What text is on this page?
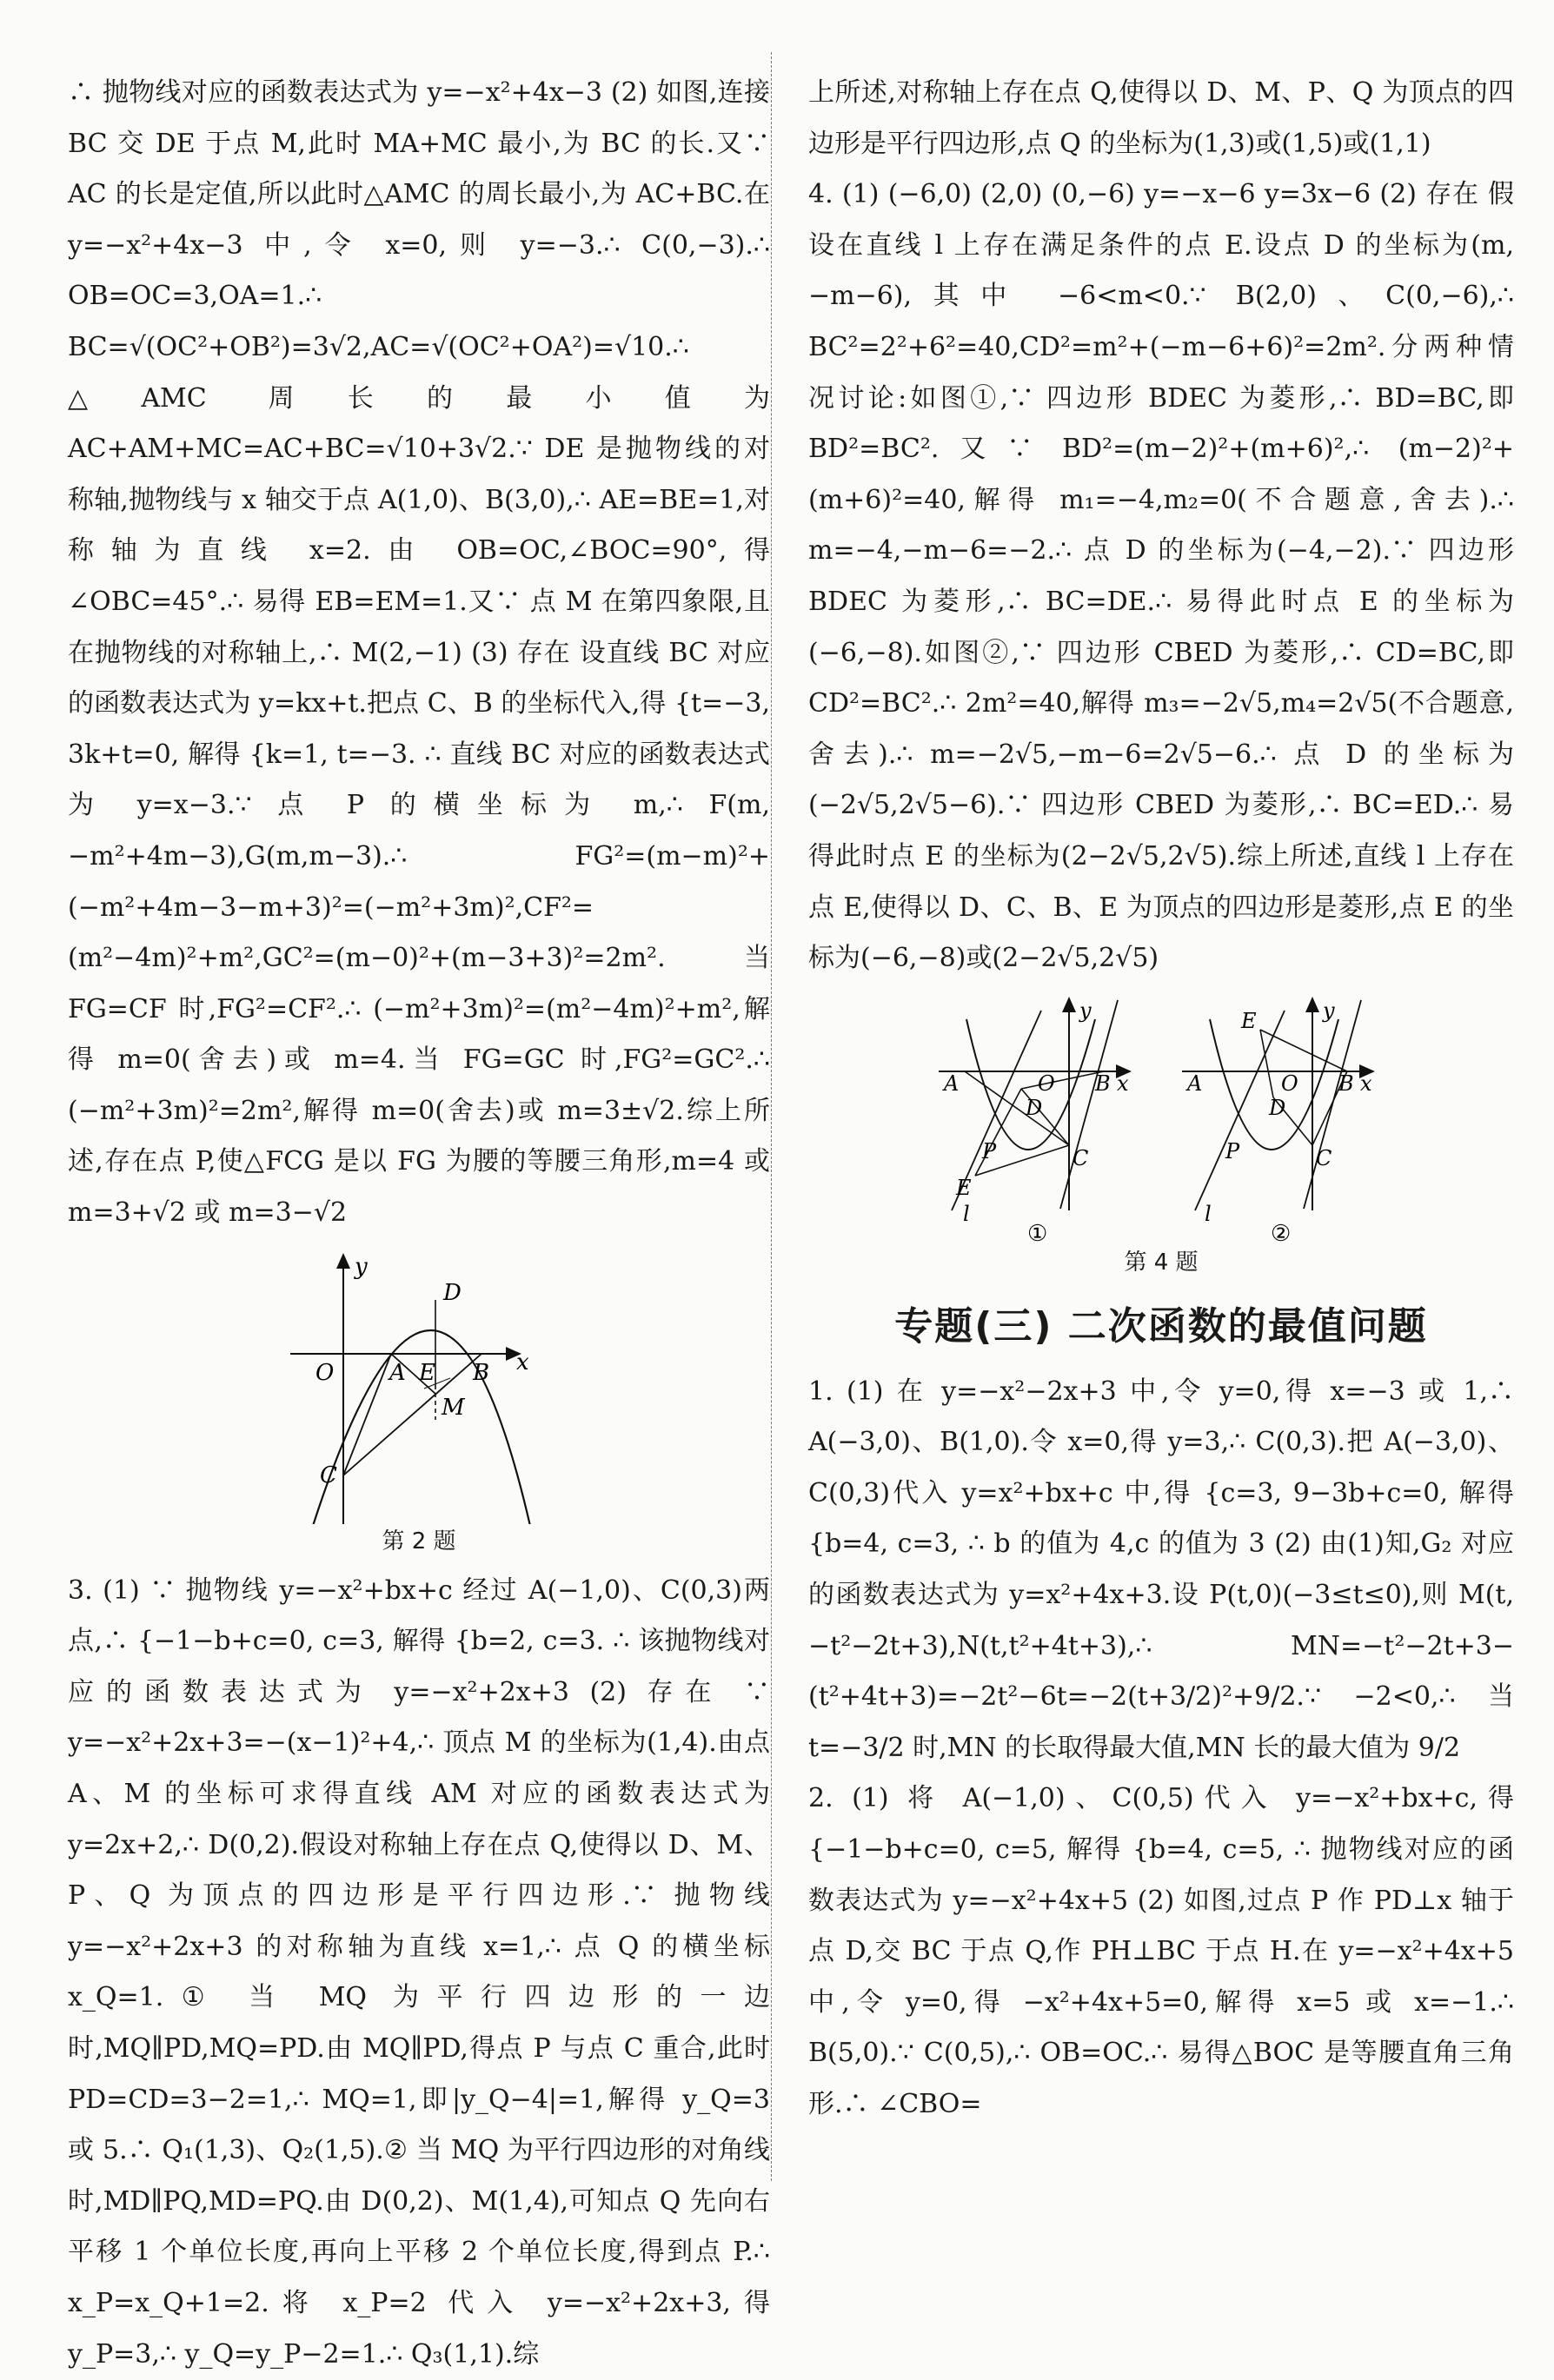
∴ 抛物线对应的函数表达式为 y=−x²+4x−3 (2) 如图,连接 BC 交 DE 于点 M,此时 MA+MC 最小,为 BC 的长.又∵ AC 的长是定值,所以此时△AMC 的周长最小,为 AC+BC.在 y=−x²+4x−3 中,令 x=0,则 y=−3.∴ C(0,−3).∴ OB=OC=3,OA=1.∴ BC=√(OC²+OB²)=3√2,AC=√(OC²+OA²)=√10.∴ △AMC 周长的最小值为 AC+AM+MC=AC+BC=√10+3√2.∵ DE 是抛物线的对称轴,抛物线与 x 轴交于点 A(1,0)、B(3,0),∴ AE=BE=1,对称轴为直线 x=2.由 OB=OC,∠BOC=90°,得∠OBC=45°.∴ 易得 EB=EM=1.又∵ 点 M 在第四象限,且在抛物线的对称轴上,∴ M(2,−1) (3) 存在 设直线 BC 对应的函数表达式为 y=kx+t.把点 C、B 的坐标代入,得 {t=−3, 3k+t=0, 解得 {k=1, t=−3. ∴ 直线 BC 对应的函数表达式为 y=x−3.∵ 点 P 的横坐标为 m,∴ F(m,−m²+4m−3),G(m,m−3).∴ FG²=(m−m)²+(−m²+4m−3−m+3)²=(−m²+3m)²,CF²=(m²−4m)²+m²,GC²=(m−0)²+(m−3+3)²=2m².当 FG=CF 时,FG²=CF².∴ (−m²+3m)²=(m²−4m)²+m²,解得 m=0(舍去)或 m=4.当 FG=GC 时,FG²=GC².∴ (−m²+3m)²=2m²,解得 m=0(舍去)或 m=3±√2.综上所述,存在点 P,使△FCG 是以 FG 为腰的等腰三角形,m=4 或 m=3+√2 或 m=3−√2

O
y
x
D
A E B
M
C
第 2 题

3. (1) ∵ 抛物线 y=−x²+bx+c 经过 A(−1,0)、C(0,3)两点,∴ {−1−b+c=0, c=3, 解得 {b=2, c=3. ∴ 该抛物线对应的函数表达式为 y=−x²+2x+3 (2) 存在 ∵ y=−x²+2x+3=−(x−1)²+4,∴ 顶点 M 的坐标为(1,4).由点 A、M 的坐标可求得直线 AM 对应的函数表达式为 y=2x+2,∴ D(0,2).假设对称轴上存在点 Q,使得以 D、M、P、Q 为顶点的四边形是平行四边形.∵ 抛物线 y=−x²+2x+3 的对称轴为直线 x=1,∴ 点 Q 的横坐标 x_Q=1.① 当 MQ 为平行四边形的一边时,MQ∥PD,MQ=PD.由 MQ∥PD,得点 P 与点 C 重合,此时 PD=CD=3−2=1,∴ MQ=1,即|y_Q−4|=1,解得 y_Q=3 或 5.∴ Q₁(1,3)、Q₂(1,5).② 当 MQ 为平行四边形的对角线时,MD∥PQ,MD=PQ.由 D(0,2)、M(1,4),可知点 Q 先向右平移 1 个单位长度,再向上平移 2 个单位长度,得到点 P.∴ x_P=x_Q+1=2.将 x_P=2 代入 y=−x²+2x+3,得 y_P=3,∴ y_Q=y_P−2=1.∴ Q₃(1,1).综

上所述,对称轴上存在点 Q,使得以 D、M、P、Q 为顶点的四边形是平行四边形,点 Q 的坐标为(1,3)或(1,5)或(1,1)

4. (1) (−6,0) (2,0) (0,−6) y=−x−6 y=3x−6 (2) 存在 假设在直线 l 上存在满足条件的点 E.设点 D 的坐标为(m,−m−6),其中 −6<m<0.∵ B(2,0)、C(0,−6),∴ BC²=2²+6²=40,CD²=m²+(−m−6+6)²=2m².分两种情况讨论:如图①,∵ 四边形 BDEC 为菱形,∴ BD=BC,即 BD²=BC².又∵ BD²=(m−2)²+(m+6)²,∴ (m−2)²+(m+6)²=40,解得 m₁=−4,m₂=0(不合题意,舍去).∴ m=−4,−m−6=−2.∴ 点 D 的坐标为(−4,−2).∵ 四边形 BDEC 为菱形,∴ BC=DE.∴ 易得此时点 E 的坐标为(−6,−8).如图②,∵ 四边形 CBED 为菱形,∴ CD=BC,即 CD²=BC².∴ 2m²=40,解得 m₃=−2√5,m₄=2√5(不合题意,舍去).∴ m=−2√5,−m−6=2√5−6.∴ 点 D 的坐标为(−2√5,2√5−6).∵ 四边形 CBED 为菱形,∴ BC=ED.∴ 易得此时点 E 的坐标为(2−2√5,2√5).综上所述,直线 l 上存在点 E,使得以 D、C、B、E 为顶点的四边形是菱形,点 E 的坐标为(−6,−8)或(2−2√5,2√5)

y
x
O
A	B
D
P	C
E
l
①
y
x
O
A	B
E
D
P	C
l
②
第 4 题
专题(三) 二次函数的最值问题

1. (1) 在 y=−x²−2x+3 中,令 y=0,得 x=−3 或 1,∴ A(−3,0)、B(1,0).令 x=0,得 y=3,∴ C(0,3).把 A(−3,0)、C(0,3)代入 y=x²+bx+c 中,得 {c=3, 9−3b+c=0, 解得 {b=4, c=3, ∴ b 的值为 4,c 的值为 3 (2) 由(1)知,G₂ 对应的函数表达式为 y=x²+4x+3.设 P(t,0)(−3≤t≤0),则 M(t,−t²−2t+3),N(t,t²+4t+3),∴ MN=−t²−2t+3−(t²+4t+3)=−2t²−6t=−2(t+3/2)²+9/2.∵ −2<0,∴ 当 t=−3/2 时,MN 的长取得最大值,MN 长的最大值为 9/2

2. (1) 将 A(−1,0)、C(0,5)代入 y=−x²+bx+c,得 {−1−b+c=0, c=5, 解得 {b=4, c=5, ∴ 抛物线对应的函数表达式为 y=−x²+4x+5 (2) 如图,过点 P 作 PD⊥x 轴于点 D,交 BC 于点 Q,作 PH⊥BC 于点 H.在 y=−x²+4x+5 中,令 y=0,得 −x²+4x+5=0,解得 x=5 或 x=−1.∴ B(5,0).∵ C(0,5),∴ OB=OC.∴ 易得△BOC 是等腰直角三角形.∴ ∠CBO=
